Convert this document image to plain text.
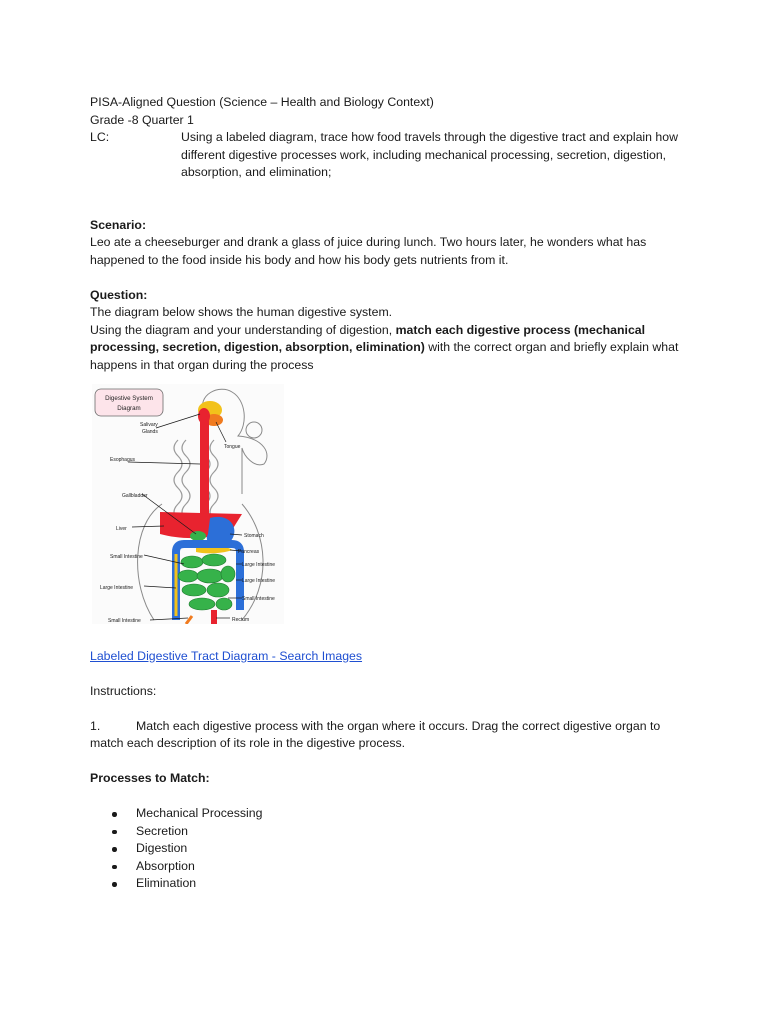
PISA-Aligned Question (Science – Health and Biology Context)
Grade -8 Quarter 1
LC:	Using a labeled diagram, trace how food travels through the digestive tract and explain how different digestive processes work, including mechanical processing, secretion, digestion, absorption, and elimination;
Scenario:
Leo ate a cheeseburger and drank a glass of juice during lunch. Two hours later, he wonders what has happened to the food inside his body and how his body gets nutrients from it.
Question:
The diagram below shows the human digestive system.
Using the diagram and your understanding of digestion, match each digestive process (mechanical processing, secretion, digestion, absorption, elimination) with the correct organ and briefly explain what happens in that organ during the process
Digestive System
Diagram
Salivary
Glands
Tongue
Esophagus
Gallbladder
Liver
Stomach
Pancreas
Small Intestine
Large Intestine
Large Intestine
Large Intestine
Small Intestine
Small Intestine	Rectum
Labeled Digestive Tract Diagram - Search Images
Instructions:
1.	Match each digestive process with the organ where it occurs. Drag the correct digestive organ to match each description of its role in the digestive process.
Processes to Match:
Mechanical Processing
Secretion
Digestion
Absorption
Elimination
